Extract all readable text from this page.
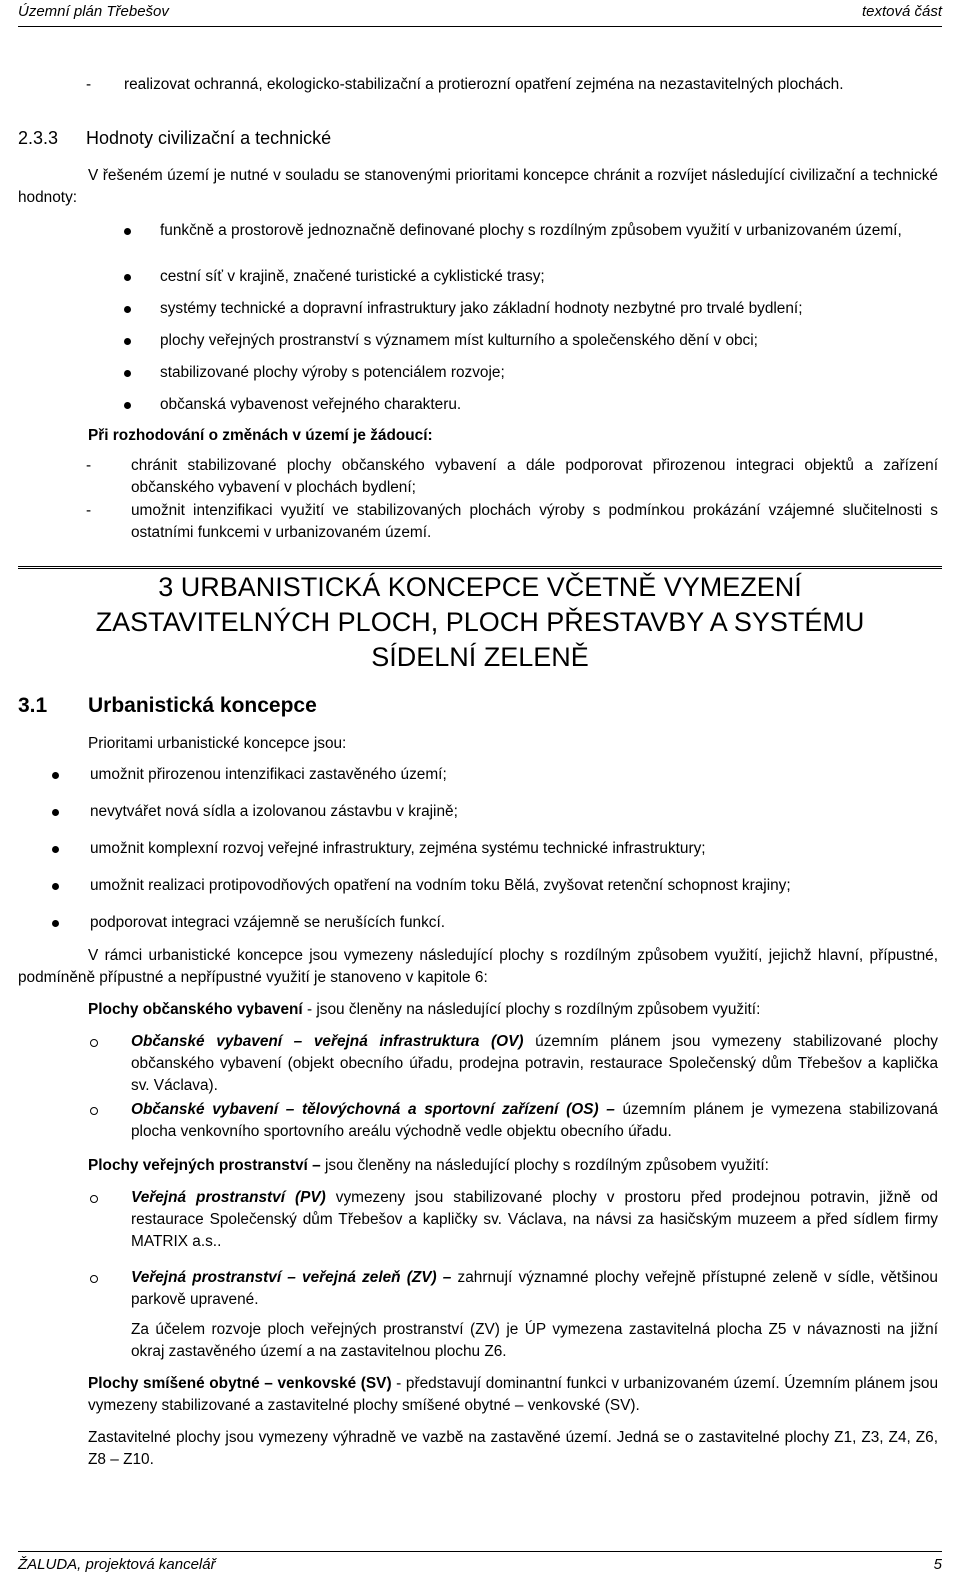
Územní plán Třebešov	textová část
- realizovat ochranná, ekologicko-stabilizační a protierozní opatření zejména na nezastavitelných plochách.
2.3.3 Hodnoty civilizační a technické
V řešeném území je nutné v souladu se stanovenými prioritami koncepce chránit a rozvíjet následující civilizační a technické hodnoty:
funkčně a prostorově jednoznačně definované plochy s rozdílným způsobem využití v urbanizovaném území,
cestní síť v krajině, značené turistické a cyklistické trasy;
systémy technické a dopravní infrastruktury jako základní hodnoty nezbytné pro trvalé bydlení;
plochy veřejných prostranství s významem míst kulturního a společenského dění v obci;
stabilizované plochy výroby s potenciálem rozvoje;
občanská vybavenost veřejného charakteru.
Při rozhodování o změnách v území je žádoucí:
-	chránit stabilizované plochy občanského vybavení a dále podporovat přirozenou integraci objektů a zařízení občanského vybavení v plochách bydlení;
-	umožnit intenzifikaci využití ve stabilizovaných plochách výroby s podmínkou prokázání vzájemné slučitelnosti s ostatními funkcemi v urbanizovaném území.
3 URBANISTICKÁ KONCEPCE VČETNĚ VYMEZENÍ
ZASTAVITELNÝCH PLOCH, PLOCH PŘESTAVBY A SYSTÉMU
SÍDELNÍ ZELENĚ
3.1 Urbanistická koncepce
Prioritami urbanistické koncepce jsou:
umožnit přirozenou intenzifikaci zastavěného území;
nevytvářet nová sídla a izolovanou zástavbu v krajině;
umožnit komplexní rozvoj veřejné infrastruktury, zejména systému technické infrastruktury;
umožnit realizaci protipovodňových opatření na vodním toku Bělá, zvyšovat retenční schopnost krajiny;
podporovat integraci vzájemně se nerušících funkcí.
V rámci urbanistické koncepce jsou vymezeny následující plochy s rozdílným způsobem využití, jejichž hlavní, přípustné, podmíněně přípustné a nepřípustné využití je stanoveno v kapitole 6:
Plochy občanského vybavení - jsou členěny na následující plochy s rozdílným způsobem využití:
Občanské vybavení – veřejná infrastruktura (OV) územním plánem jsou vymezeny stabilizované plochy občanského vybavení (objekt obecního úřadu, prodejna potravin, restaurace Společenský dům Třebešov a kaplička sv. Václava).
Občanské vybavení – tělovýchovná a sportovní zařízení (OS) – územním plánem je vymezena stabilizovaná plocha venkovního sportovního areálu východně vedle objektu obecního úřadu.
Plochy veřejných prostranství – jsou členěny na následující plochy s rozdílným způsobem využití:
Veřejná prostranství (PV) vymezeny jsou stabilizované plochy v prostoru před prodejnou potravin, jižně od restaurace Společenský dům Třebešov a kapličky sv. Václava, na návsi za hasičským muzeem a před sídlem firmy MATRIX a.s..
Veřejná prostranství – veřejná zeleň (ZV) – zahrnují významné plochy veřejně přístupné zeleně v sídle, většinou parkově upravené.
Za účelem rozvoje ploch veřejných prostranství (ZV) je ÚP vymezena zastavitelná plocha Z5 v návaznosti na jižní okraj zastavěného území a na zastavitelnou plochu Z6.
Plochy smíšené obytné – venkovské (SV) - představují dominantní funkci v urbanizovaném území. Územním plánem jsou vymezeny stabilizované a zastavitelné plochy smíšené obytné – venkovské (SV).
Zastavitelné plochy jsou vymezeny výhradně ve vazbě na zastavěné území. Jedná se o zastavitelné plochy Z1, Z3, Z4, Z6, Z8 – Z10.
ŽALUDA, projektová kancelář	5
